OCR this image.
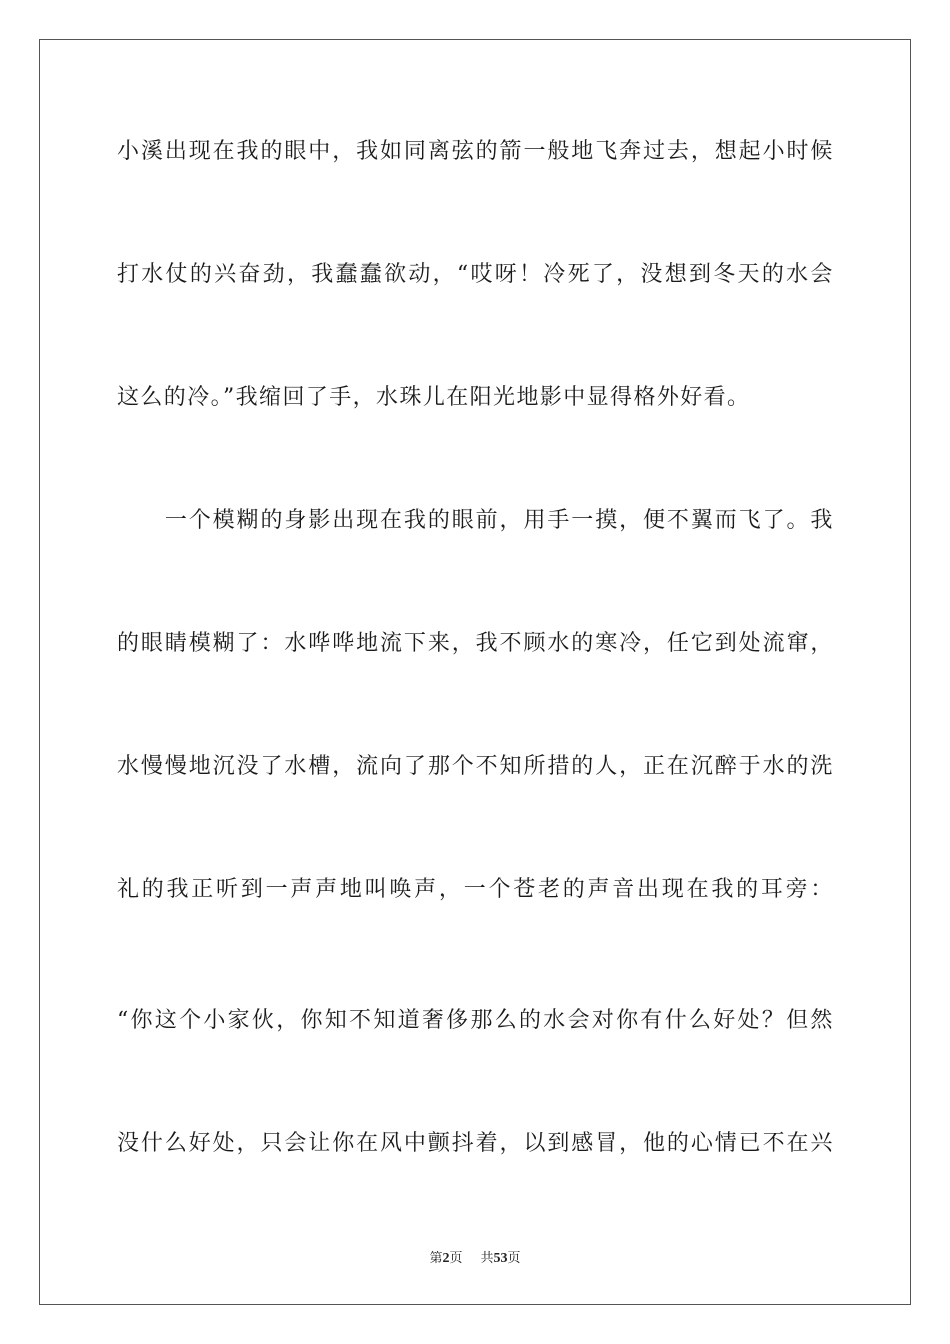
小溪出现在我的眼中，我如同离弦的箭一般地飞奔过去，想起小时候
打水仗的兴奋劲，我蠢蠢欲动，“哎呀！冷死了，没想到冬天的水会
这么的冷。”我缩回了手，水珠儿在阳光地影中显得格外好看。
　　一个模糊的身影出现在我的眼前，用手一摸，便不翼而飞了。我
的眼睛模糊了：水哗哗地流下来，我不顾水的寒冷，任它到处流窜，
水慢慢地沉没了水槽，流向了那个不知所措的人，正在沉醉于水的洗
礼的我正听到一声声地叫唤声，一个苍老的声音出现在我的耳旁：
“你这个小家伙，你知不知道奢侈那么的水会对你有什么好处？但然
没什么好处，只会让你在风中颤抖着，以到感冒，他的心情已不在兴
第2页 共53页
